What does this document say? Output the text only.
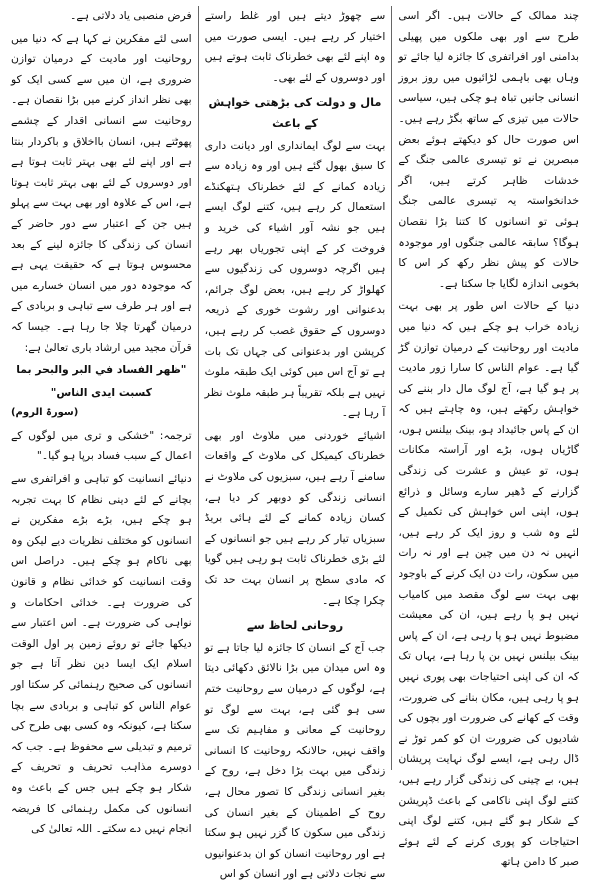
چند ممالک کے حالات ہیں۔ اگر اسی طرح سے اور بھی ملکوں میں پھیلی بدامنی اور افراتفری کا جائزہ لیا جائے تو وہاں بھی باہمی لڑائیوں میں روز بروز انسانی جانیں تباہ ہو چکی ہیں، سیاسی حالات میں تیزی کے ساتھ بگڑ رہے ہیں۔ اس صورت حال کو دیکھتے ہوئے بعض مبصرین نے تو تیسری عالمی جنگ کے خدشات ظاہر کرتے ہیں، اگر خدانخواستہ یہ تیسری عالمی جنگ ہوئی تو انسانوں کا کتنا بڑا نقصان ہوگا؟ سابقہ عالمی جنگوں اور موجودہ حالات کو پیش نظر رکھ کر اس کا بخوبی اندازہ لگایا جا سکتا ہے۔

دنیا کے حالات اس طور پر بھی بہت زیادہ خراب ہو چکے ہیں کہ دنیا میں مادیت اور روحانیت کے درمیان توازن گڑ گیا ہے۔ عوام الناس کا سارا زور مادیت پر ہو گیا ہے، آج لوگ مال دار بننے کی خواہش رکھتے ہیں، وہ چاہتے ہیں کہ ان کے پاس جائیداد ہو، بینک بیلنس ہوں، گاڑیاں ہوں، بڑے اور آراستہ مکانات ہوں، تو عیش و عشرت کی زندگی گزارنے کے ڈھیر سارے وسائل و ذرائع ہوں، اپنی اس خواہش کی تکمیل کے لئے وہ شب و روز ایک کر رہے ہیں، انہیں نہ دن میں چین ہے اور نہ رات میں سکون، رات دن ایک کرنے کے باوجود بھی بہت سے لوگ مقصد میں کامیاب نہیں ہو پا رہے ہیں، ان کی معیشت مضبوط نہیں ہو پا رہی ہے، ان کے پاس بینک بیلنس نہیں بن پا رہا ہے، یہاں تک کہ ان کی اپنی احتیاجات بھی پوری نہیں ہو پا رہی ہیں، مکان بنانے کی ضرورت، وقت کے کھانے کی ضرورت اور بچوں کی شادیوں کی ضرورت ان کو کمر توڑ نے ڈال رہی ہے، ایسے لوگ نہایت پریشان ہیں، بے چینی کی زندگی گزار رہے ہیں، کتنے لوگ اپنی ناکامی کے باعث ڈپریشن کے شکار ہو گئے ہیں، کتنے لوگ اپنی احتیاجات کو پوری کرنے کے لئے ہوئے صبر کا دامن ہاتھ

سے چھوڑ دیتے ہیں اور غلط راستے اختیار کر رہے ہیں۔ ایسی صورت میں وہ اپنے لئے بھی خطرناک ثابت ہوتے ہیں اور دوسروں کے لئے بھی۔

مال و دولت کی بڑھتی خواہش کے باعث

بہت سے لوگ ایمانداری اور دیانت داری کا سبق بھول گئے ہیں اور وہ زیادہ سے زیادہ کمانے کے لئے خطرناک ہتھکنڈے استعمال کر رہے ہیں، کتنے لوگ ایسے ہیں جو نشہ آور اشیاء کی خرید و فروخت کر کے اپنی تجوریاں بھر رہے ہیں اگرچہ دوسروں کی زندگیوں سے کھلواڑ کر رہے ہیں، بعض لوگ جرائم، بدعنوانی اور رشوت خوری کے ذریعہ دوسروں کے حقوق غصب کر رہے ہیں، کرپشن اور بدعنوانی کی جہاں تک بات ہے تو آج اس میں کوئی ایک طبقہ ملوث نہیں ہے بلکہ تقریباً ہر طبقہ ملوث نظر آ رہا ہے۔

اشیائے خوردنی میں ملاوٹ اور بھی خطرناک کیمیکل کی ملاوٹ کے واقعات سامنے آ رہے ہیں، سبزیوں کی ملاوٹ نے انسانی زندگی کو دوبھر کر دیا ہے، کسان زیادہ کمانے کے لئے ہائی بریڈ سبزیاں تیار کر رہے ہیں جو انسانوں کے لئے بڑی خطرناک ثابت ہو رہی ہیں گویا کہ مادی سطح پر انسان بہت حد تک چکرا چکا ہے۔

روحانی لحاظ سے

جب آج کے انسان کا جائزہ لیا جاتا ہے تو وہ اس میدان میں بڑا نالائق دکھائی دیتا ہے، لوگوں کے درمیان سے روحانیت ختم سی ہو گئی ہے، بہت سے لوگ تو روحانیت کے معانی و مفاہیم تک سے واقف نہیں، حالانکہ روحانیت کا انسانی زندگی میں بہت بڑا دخل ہے، روح کے بغیر انسانی زندگی کا تصور محال ہے، روح کے اطمینان کے بغیر انسان کی زندگی میں سکون کا گزر نہیں ہو سکتا ہے اور روحانیت انسان کو ان بدعنوانیوں سے نجات دلاتی ہے اور انسان کو اس

فرض منصبی یاد دلاتی ہے۔

اسی لئے مفکرین نے کہا ہے کہ دنیا میں روحانیت اور مادیت کے درمیان توازن ضروری ہے، ان میں سے کسی ایک کو بھی نظر انداز کرنے میں بڑا نقصان ہے۔ روحانیت سے انسانی اقدار کے چشمے پھوٹتے ہیں، انسان بااخلاق و باکردار بنتا ہے اور اپنے لئے بھی بہتر ثابت ہوتا ہے اور دوسروں کے لئے بھی بہتر ثابت ہوتا ہے، اس کے علاوہ اور بھی بہت سے پہلو ہیں جن کے اعتبار سے دور حاضر کے انسان کی زندگی کا جائزہ لینے کے بعد محسوس ہوتا ہے کہ حقیقت یہی ہے کہ موجودہ دور میں انسان خسارے میں ہے اور ہر طرف سے تباہی و بربادی کے درمیان گھرتا چلا جا رہا ہے۔ جیسا کہ قرآن مجید میں ارشاد باری تعالیٰ ہے:

"ظهر الفساد في البر والبحر بما
كسبت ايدى الناس"
(سورۃ الروم)

ترجمہ: "خشکی و تری میں لوگوں کے اعمال کے سبب فساد برپا ہو گیا۔"

دنیائے انسانیت کو تباہی و افراتفری سے بچانے کے لئے دینی نظام کا بہت تجربہ ہو چکے ہیں، بڑے بڑے مفکرین نے انسانوں کو مختلف نظریات دیے لیکن وہ بھی ناکام ہو چکے ہیں۔ دراصل اس وقت انسانیت کو خدائی نظام و قانون کی ضرورت ہے۔ خدائی احکامات و نواہی کی ضرورت ہے۔ اس اعتبار سے دیکھا جائے تو روئے زمین پر اول الوقت اسلام ایک ایسا دین نظر آتا ہے جو انسانوں کی صحیح رہنمائی کر سکتا اور عوام الناس کو تباہی و بربادی سے بچا سکتا ہے، کیونکہ وہ کسی بھی طرح کی ترمیم و تبدیلی سے محفوظ ہے۔ جب کہ دوسرے مذاہب تحریف و تحریف کے شکار ہو چکے ہیں جس کے باعث وہ انسانوں کی مکمل رہنمائی کا فریضہ انجام نہیں دے سکتے۔ اللہ تعالیٰ کی
